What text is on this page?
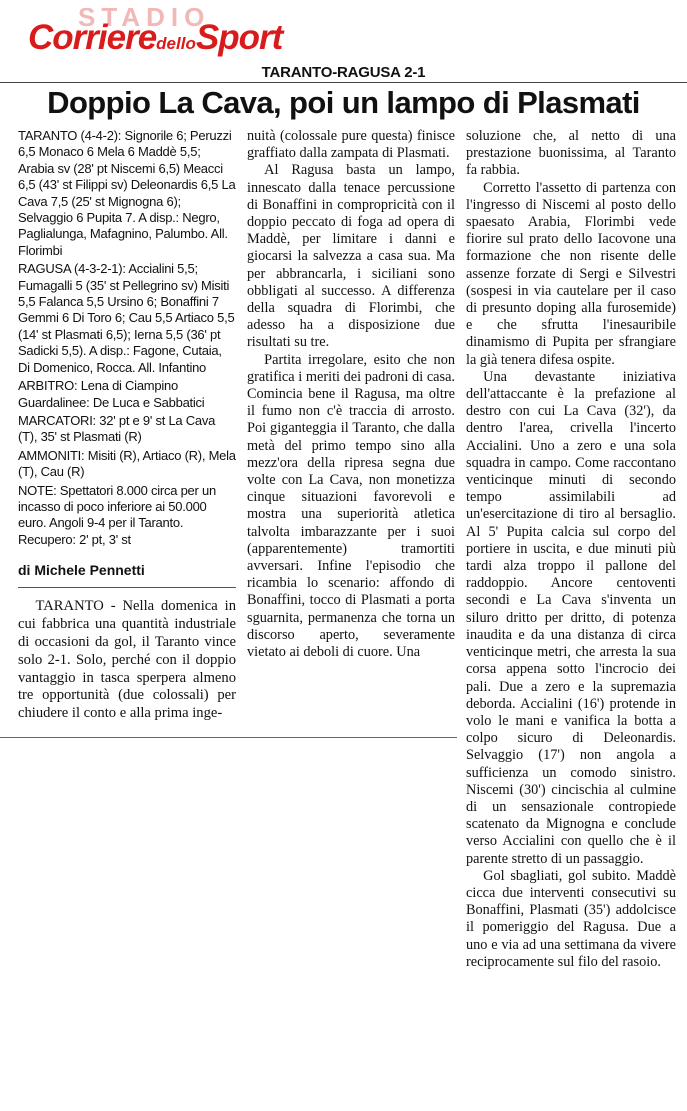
STADIO
CorrieredelloSport
TARANTO-RAGUSA 2-1
Doppio La Cava, poi un lampo di Plasmati

TARANTO (4-4-2): Signorile 6; Peruzzi 6,5 Monaco 6 Mela 6 Maddè 5,5; Arabia sv (28' pt Niscemi 6,5) Meacci 6,5 (43' st Filippi sv) Deleonardis 6,5 La Cava 7,5 (25' st Mignogna 6); Selvaggio 6 Pupita 7. A disp.: Negro, Paglialunga, Mafagnino, Palumbo. All. Florimbi

RAGUSA (4-3-2-1): Accialini 5,5; Fumagalli 5 (35' st Pellegrino sv) Misiti 5,5 Falanca 5,5 Ursino 6; Bonaffini 7 Gemmi 6 Di Toro 6; Cau 5,5 Artiaco 5,5 (14' st Plasmati 6,5); Ierna 5,5 (36' pt Sadicki 5,5). A disp.: Fagone, Cutaia, Di Domenico, Rocca. All. Infantino

ARBITRO: Lena di Ciampino
Guardalinee: De Luca e Sabbatici

MARCATORI: 32' pt e 9' st La Cava (T), 35' st Plasmati (R)

AMMONITI: Misiti (R), Artiaco (R), Mela (T), Cau (R)

NOTE: Spettatori 8.000 circa per un incasso di poco inferiore ai 50.000 euro. Angoli 9-4 per il Taranto. Recupero: 2' pt, 3' st

di Michele Pennetti

TARANTO - Nella domenica in cui fabbrica una quantità industriale di occasioni da gol, il Taranto vince solo 2-1. Solo, perché con il doppio vantaggio in tasca sperpera almeno tre opportunità (due colossali) per chiudere il conto e alla prima inge-

nuità (colossale pure questa) finisce graffiato dalla zampata di Plasmati.

Al Ragusa basta un lampo, innescato dalla tenace percussione di Bonaffini in compropricità con il doppio peccato di foga ad opera di Maddè, per limitare i danni e giocarsi la salvezza a casa sua. Ma per abbrancarla, i siciliani sono obbligati al successo. A differenza della squadra di Florimbi, che adesso ha a disposizione due risultati su tre.

Partita irregolare, esito che non gratifica i meriti dei padroni di casa. Comincia bene il Ragusa, ma oltre il fumo non c'è traccia di arrosto. Poi giganteggia il Taranto, che dalla metà del primo tempo sino alla mezz'ora della ripresa segna due volte con La Cava, non monetizza cinque situazioni favorevoli e mostra una superiorità atletica talvolta imbarazzante per i suoi (apparentemente) tramortiti avversari. Infine l'episodio che ricambia lo scenario: affondo di Bonaffini, tocco di Plasmati a porta sguarnita, permanenza che torna un discorso aperto, severamente vietato ai deboli di cuore. Una

soluzione che, al netto di una prestazione buonissima, al Taranto fa rabbia.

Corretto l'assetto di partenza con l'ingresso di Niscemi al posto dello spaesato Arabia, Florimbi vede fiorire sul prato dello Iacovone una formazione che non risente delle assenze forzate di Sergi e Silvestri (sospesi in via cautelare per il caso di presunto doping alla furosemide) e che sfrutta l'inesauribile dinamismo di Pupita per sfrangiare la già tenera difesa ospite.

Una devastante iniziativa dell'attaccante è la prefazione al destro con cui La Cava (32'), da dentro l'area, crivella l'incerto Accialini. Uno a zero e una sola squadra in campo. Come raccontano venticinque minuti di secondo tempo assimilabili ad un'esercitazione di tiro al bersaglio. Al 5' Pupita calcia sul corpo del portiere in uscita, e due minuti più tardi alza troppo il pallone del raddoppio. Ancore centoventi secondi e La Cava s'inventa un siluro dritto per dritto, di potenza inaudita e da una distanza di circa venticinque metri, che arresta la sua corsa appena sotto l'incrocio dei pali. Due a zero e la supremazia deborda. Accialini (16') protende in volo le mani e vanifica la botta a colpo sicuro di Deleonardis. Selvaggio (17') non angola a sufficienza un comodo sinistro. Niscemi (30') cincischia al culmine di un sensazionale contropiede scatenato da Mignogna e conclude verso Accialini con quello che è il parente stretto di un passaggio.

Gol sbagliati, gol subito. Maddè cicca due interventi consecutivi su Bonaffini, Plasmati (35') addolcisce il pomeriggio del Ragusa. Due a uno e via ad una settimana da vivere reciprocamente sul filo del rasoio.
